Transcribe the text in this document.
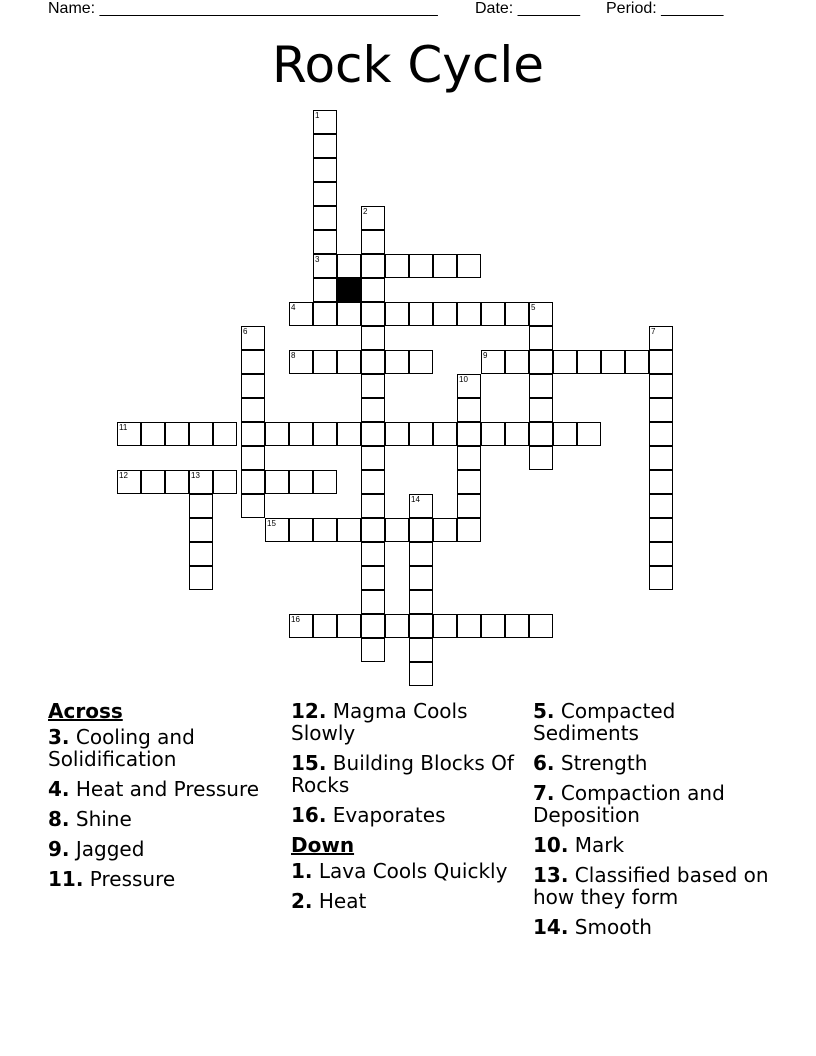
Name: ______________________________________ Date: _______ Period: _______
Rock Cycle
1
2
3
4	5
6	7
8	9
10
11
12	13
14
15
16
Across
3. Cooling and Solidification
4. Heat and Pressure
8. Shine
9. Jagged
11. Pressure
12. Magma Cools Slowly
15. Building Blocks Of Rocks
16. Evaporates
Down
1. Lava Cools Quickly
2. Heat
5. Compacted Sediments
6. Strength
7. Compaction and Deposition
10. Mark
13. Classified based on how they form
14. Smooth
